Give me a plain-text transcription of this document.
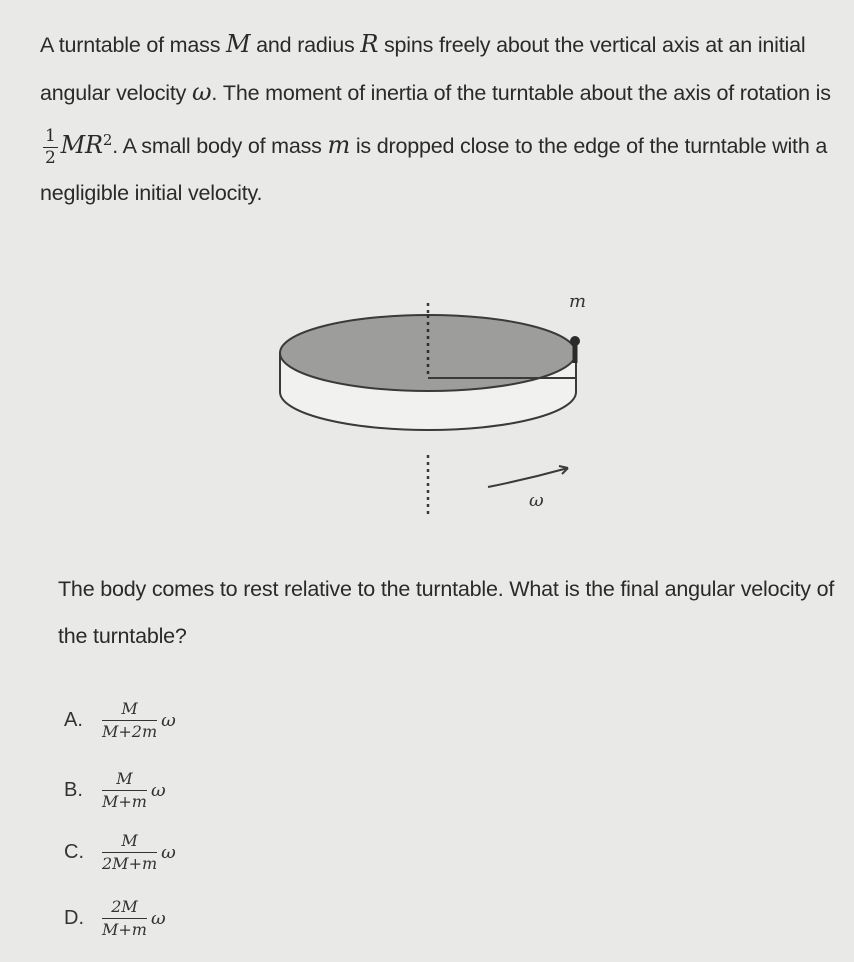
A turntable of mass M and radius R spins freely about the vertical axis at an initial angular velocity ω. The moment of inertia of the turntable about the axis of rotation is
$\frac{1}{2} MR^2$. A small body of mass m is dropped close to the edge of the turntable with a negligible initial velocity.

m
ω

The body comes to rest relative to the turntable. What is the final angular velocity of the turntable?

A.	$\frac{M}{M+2m}$ ω
B.	$\frac{M}{M+m}$ ω
C.	$\frac{M}{2M+m}$ ω
D.	$\frac{2M}{M+m}$ ω
